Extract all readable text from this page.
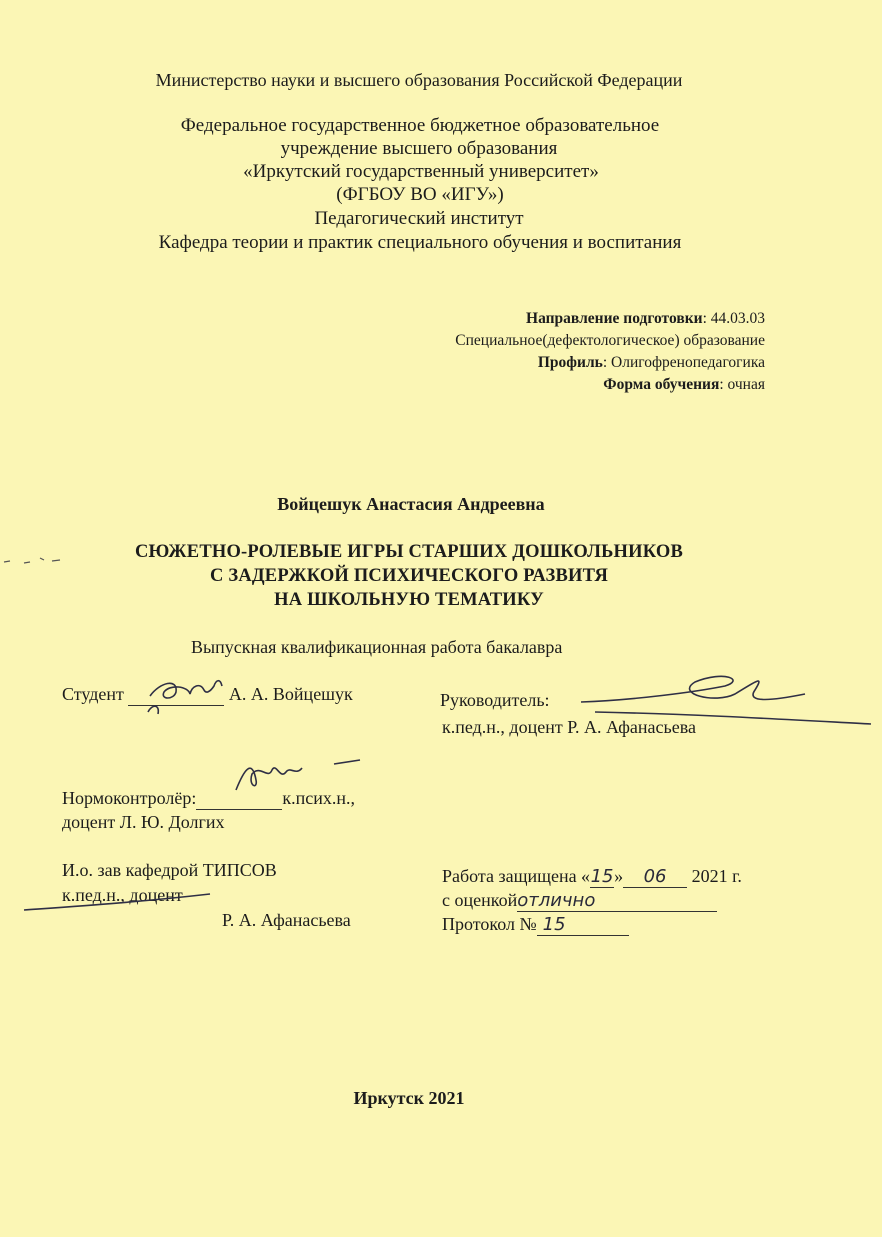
Министерство науки и высшего образования Российской Федерации
Федеральное государственное бюджетное образовательное
учреждение высшего образования
«Иркутский государственный университет»
(ФГБОУ ВО «ИГУ»)
Педагогический институт
Кафедра теории и практик специального обучения и воспитания
Направление подготовки: 44.03.03
Специальное(дефектологическое) образование
Профиль: Олигофренопедагогика
Форма обучения: очная
Войцешук Анастасия Андреевна
СЮЖЕТНО-РОЛЕВЫЕ ИГРЫ СТАРШИХ ДОШКОЛЬНИКОВ
С ЗАДЕРЖКОЙ ПСИХИЧЕСКОГО РАЗВИТЯ
НА ШКОЛЬНУЮ ТЕМАТИКУ
Выпускная квалификационная работа бакалавра
Студент	А. А. Войцешук	Руководитель:
к.пед.н., доцент Р. А. Афанасьева
Нормоконтролёр:	к.псих.н.,
доцент Л. Ю. Долгих
И.о. зав кафедрой ТИПСОВ
к.пед.н., доцент
Р. А. Афанасьева
Работа защищена «15» 06 2021 г.
с оценкойотлично
Протокол № 15
Иркутск 2021
